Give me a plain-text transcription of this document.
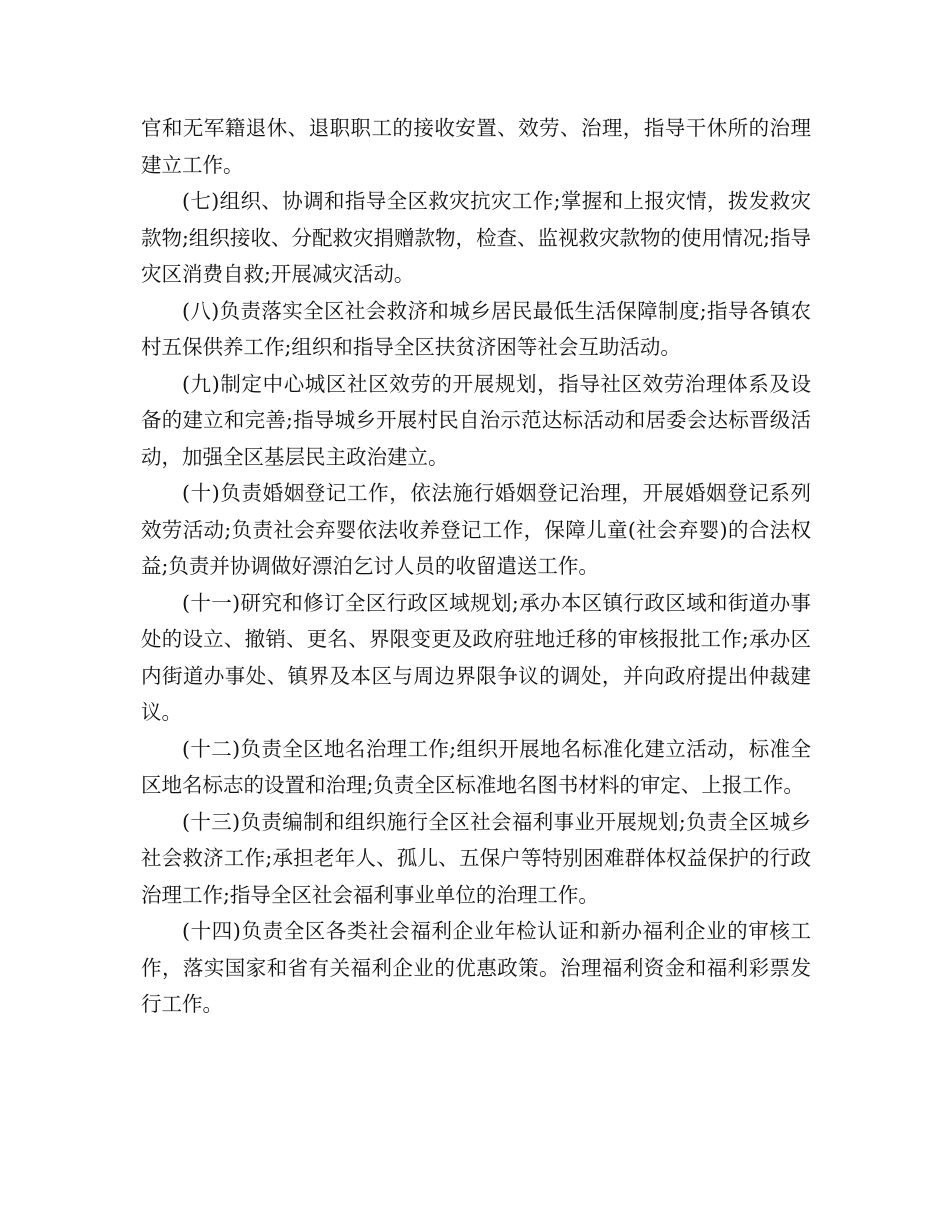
官和无军籍退休、退职职工的接收安置、效劳、治理，指导干休所的治理建立工作。

(七)组织、协调和指导全区救灾抗灾工作;掌握和上报灾情，拨发救灾款物;组织接收、分配救灾捐赠款物，检查、监视救灾款物的使用情况;指导灾区消费自救;开展减灾活动。

(八)负责落实全区社会救济和城乡居民最低生活保障制度;指导各镇农村五保供养工作;组织和指导全区扶贫济困等社会互助活动。

(九)制定中心城区社区效劳的开展规划，指导社区效劳治理体系及设备的建立和完善;指导城乡开展村民自治示范达标活动和居委会达标晋级活动，加强全区基层民主政治建立。

(十)负责婚姻登记工作，依法施行婚姻登记治理，开展婚姻登记系列效劳活动;负责社会弃婴依法收养登记工作，保障儿童(社会弃婴)的合法权益;负责并协调做好漂泊乞讨人员的收留遣送工作。

(十一)研究和修订全区行政区域规划;承办本区镇行政区域和街道办事处的设立、撤销、更名、界限变更及政府驻地迁移的审核报批工作;承办区内街道办事处、镇界及本区与周边界限争议的调处，并向政府提出仲裁建议。

(十二)负责全区地名治理工作;组织开展地名标准化建立活动，标准全区地名标志的设置和治理;负责全区标准地名图书材料的审定、上报工作。

(十三)负责编制和组织施行全区社会福利事业开展规划;负责全区城乡社会救济工作;承担老年人、孤儿、五保户等特别困难群体权益保护的行政治理工作;指导全区社会福利事业单位的治理工作。

(十四)负责全区各类社会福利企业年检认证和新办福利企业的审核工作，落实国家和省有关福利企业的优惠政策。治理福利资金和福利彩票发行工作。
